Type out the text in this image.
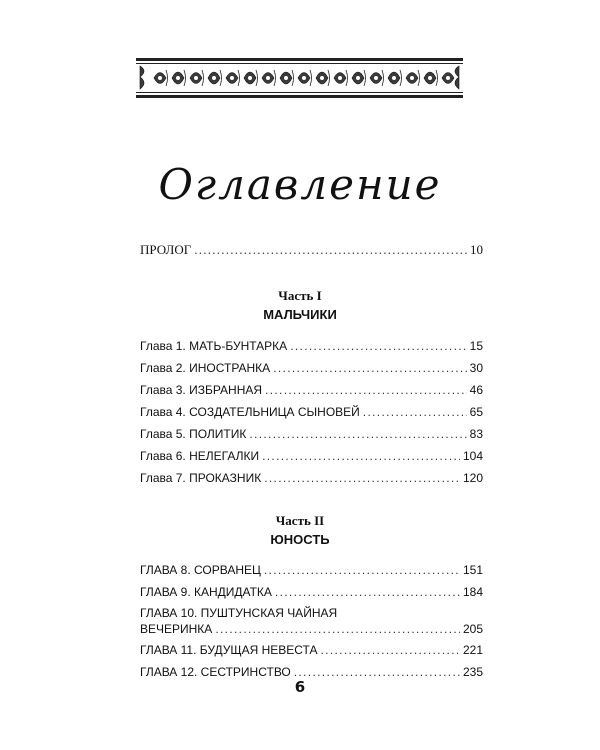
Оглавление
ПРОЛОГ . . .	10
Часть I
МАЛЬЧИКИ
Глава 1. МАТЬ-БУНТАРКА . . .	15
Глава 2. ИНОСТРАНКА . . .	30
Глава 3. ИЗБРАННАЯ . . .	46
Глава 4. СОЗДАТЕЛЬНИЦА СЫНОВЕЙ . . .	65
Глава 5. ПОЛИТИК . . .	83
Глава 6. НЕЛЕГАЛКИ . . .	104
Глава 7. ПРОКАЗНИК . . .	120
Часть II
ЮНОСТЬ
ГЛАВА 8. СОРВАНЕЦ . . .	151
ГЛАВА 9. КАНДИДАТКА . . .	184
ГЛАВА 10. ПУШТУНСКАЯ ЧАЙНАЯ
ВЕЧЕРИНКА . . .	205
ГЛАВА 11. БУДУЩАЯ НЕВЕСТА . . .	221
ГЛАВА 12. СЕСТРИНСТВО . . .	235
6
